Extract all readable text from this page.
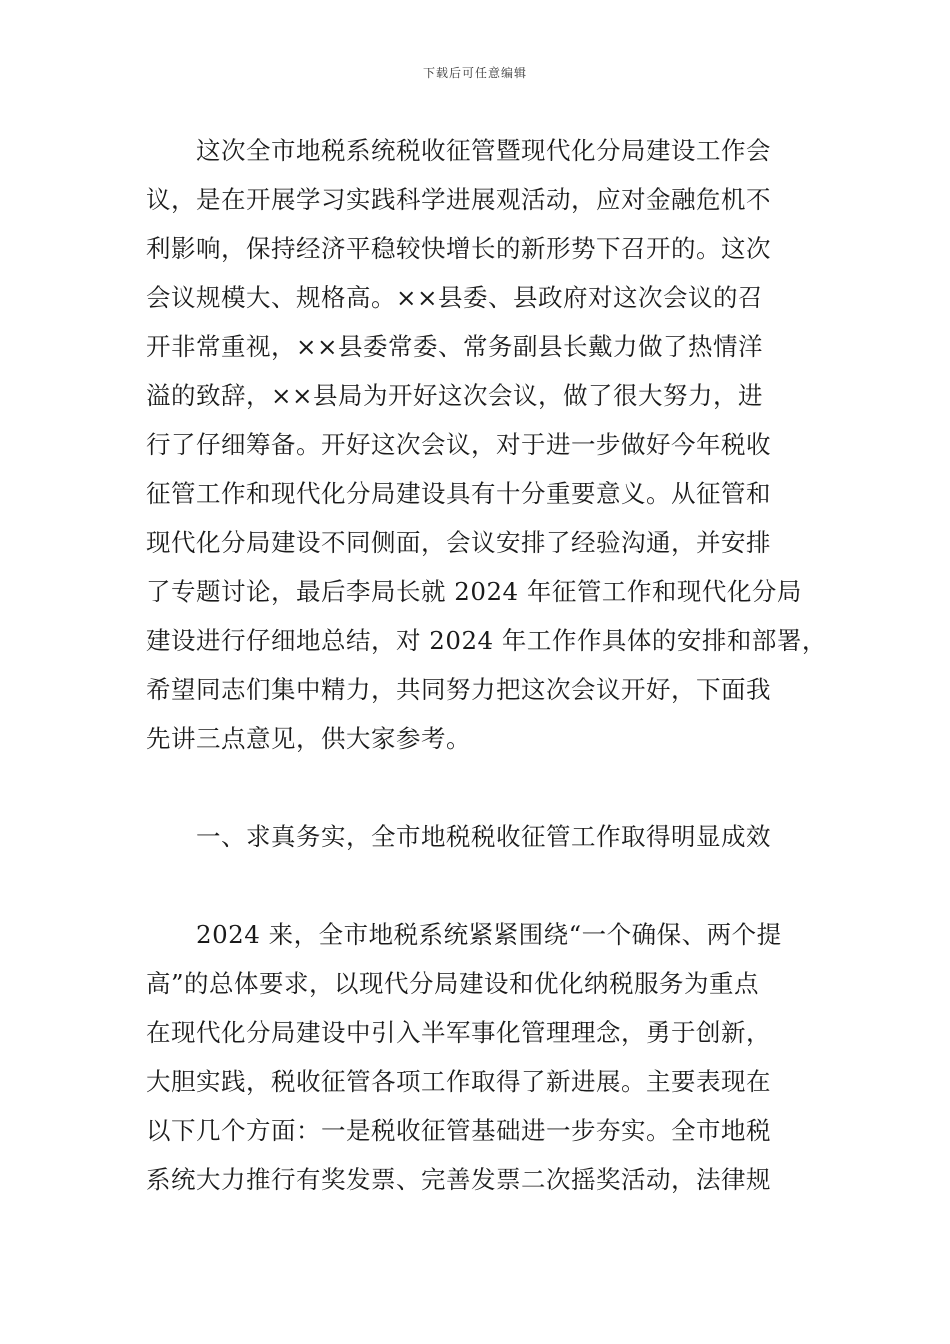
下载后可任意编辑
这次全市地税系统税收征管暨现代化分局建设工作会
议，是在开展学习实践科学进展观活动，应对金融危机不
利影响，保持经济平稳较快增长的新形势下召开的。这次
会议规模大、规格高。××县委、县政府对这次会议的召
开非常重视，××县委常委、常务副县长戴力做了热情洋
溢的致辞，××县局为开好这次会议，做了很大努力，进
行了仔细筹备。开好这次会议，对于进一步做好今年税收
征管工作和现代化分局建设具有十分重要意义。从征管和
现代化分局建设不同侧面，会议安排了经验沟通，并安排
了专题讨论，最后李局长就 2024 年征管工作和现代化分局
建设进行仔细地总结，对 2024 年工作作具体的安排和部署，
希望同志们集中精力，共同努力把这次会议开好，下面我
先讲三点意见，供大家参考。
一、求真务实，全市地税税收征管工作取得明显成效
2024 来，全市地税系统紧紧围绕“一个确保、两个提
高”的总体要求，以现代分局建设和优化纳税服务为重点
在现代化分局建设中引入半军事化管理理念，勇于创新，
大胆实践，税收征管各项工作取得了新进展。主要表现在
以下几个方面：一是税收征管基础进一步夯实。全市地税
系统大力推行有奖发票、完善发票二次摇奖活动，法律规
